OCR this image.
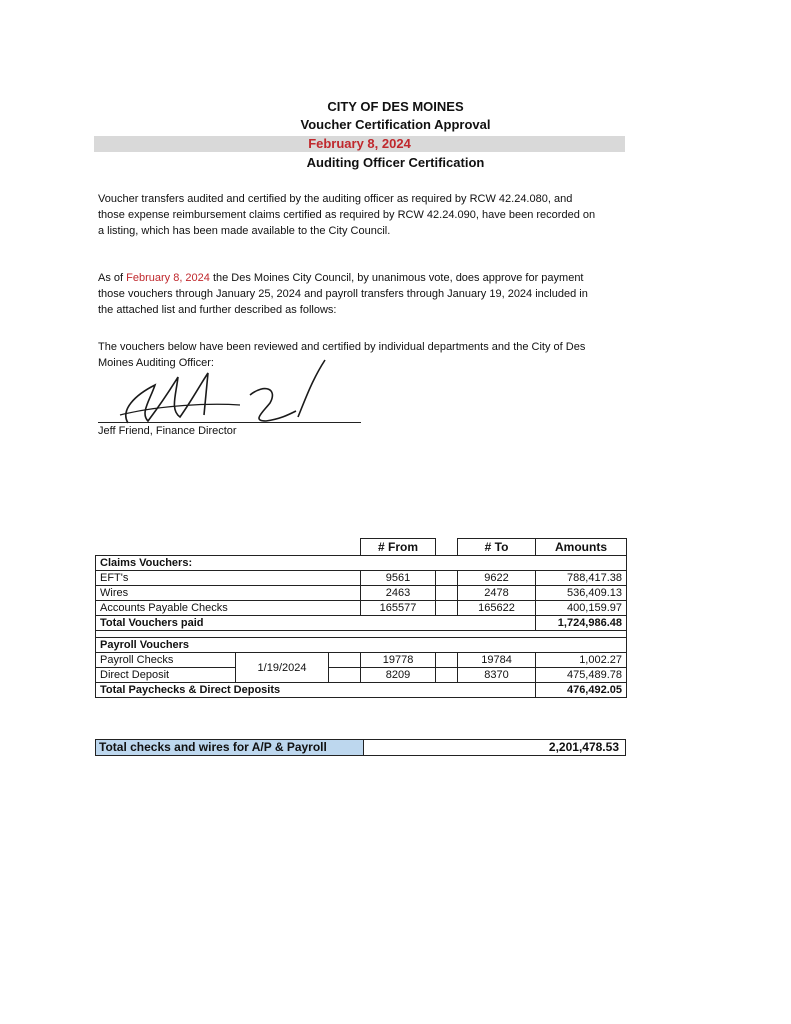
CITY OF DES MOINES
Voucher Certification Approval
February 8, 2024
Auditing Officer Certification
Voucher transfers audited and certified by the auditing officer as required by RCW 42.24.080, and those expense reimbursement claims certified as required by RCW 42.24.090, have been recorded on a listing, which has been made available to the City Council.
As of February 8, 2024 the Des Moines City Council, by unanimous vote, does approve for payment those vouchers through January 25, 2024 and payroll transfers through January 19, 2024 included in the attached list and further described as follows:
The vouchers below have been reviewed and certified by individual departments and the City of Des Moines Auditing Officer:
Jeff Friend, Finance Director
			# From		# To	Amounts
Claims Vouchers:						
EFT's			9561		9622	788,417.38
Wires			2463		2478	536,409.13
Accounts Payable Checks			165577		165622	400,159.97
Total Vouchers paid						1,724,986.48

Payroll Vouchers						
Payroll Checks	1/19/2024		19778		19784	1,002.27
Direct Deposit			8209		8370	475,489.78
Total Paychecks & Direct Deposits						476,492.05
Total checks and wires for A/P & Payroll	2,201,478.53
